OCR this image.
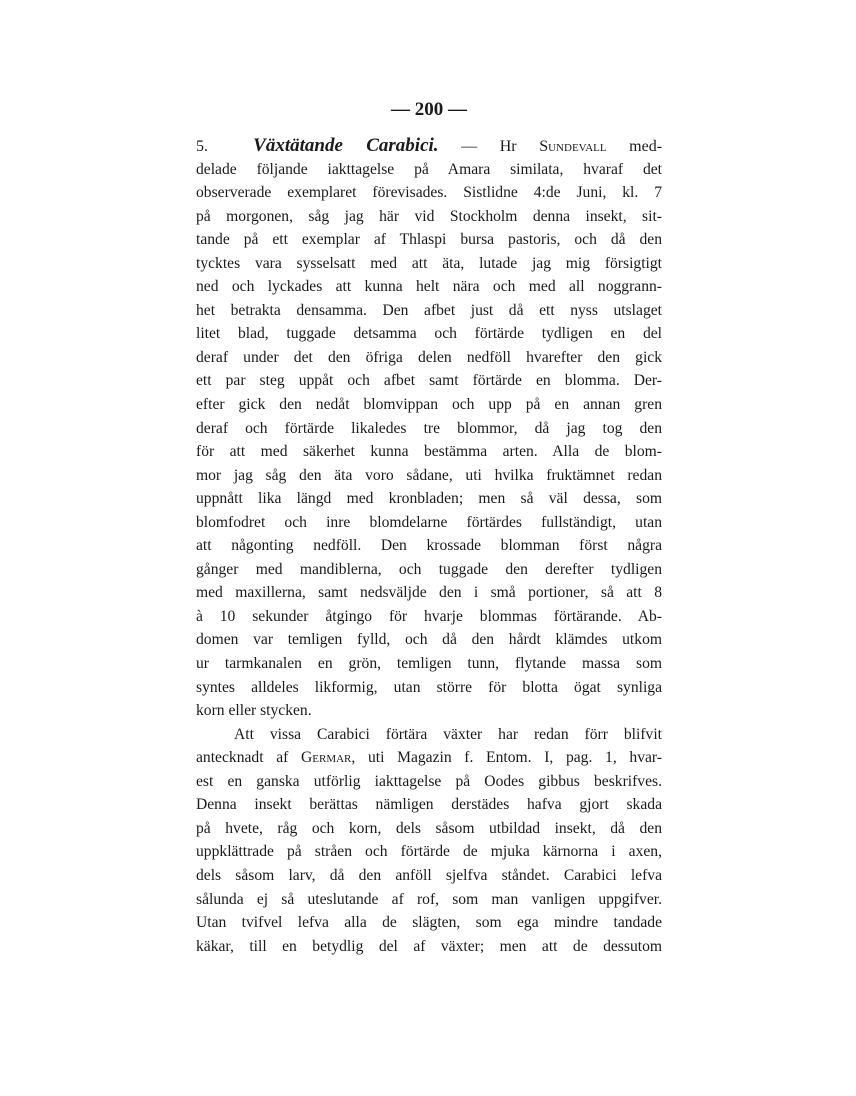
— 200 —
5. Växtätande Carabici. — Hr Sundevall med-
delade följande iakttagelse på Amara similata, hvaraf det
observerade exemplaret förevisades. Sistlidne 4:de Juni, kl. 7
på morgonen, såg jag här vid Stockholm denna insekt, sit-
tande på ett exemplar af Thlaspi bursa pastoris, och då den
tycktes vara sysselsatt med att äta, lutade jag mig försigtigt
ned och lyckades att kunna helt nära och med all noggrann-
het betrakta densamma. Den afbet just då ett nyss utslaget
litet blad, tuggade detsamma och förtärde tydligen en del
deraf under det den öfriga delen nedföll hvarefter den gick
ett par steg uppåt och afbet samt förtärde en blomma. Der-
efter gick den nedåt blomvippan och upp på en annan gren
deraf och förtärde likaledes tre blommor, då jag tog den
för att med säkerhet kunna bestämma arten. Alla de blom-
mor jag såg den äta voro sådane, uti hvilka fruktämnet redan
uppnått lika längd med kronbladen; men så väl dessa, som
blomfodret och inre blomdelarne förtärdes fullständigt, utan
att någonting nedföll. Den krossade blomman först några
gånger med mandiblerna, och tuggade den derefter tydligen
med maxillerna, samt nedsväljde den i små portioner, så att 8
à 10 sekunder åtgingo för hvarje blommas förtärande. Ab-
domen var temligen fylld, och då den hårdt klämdes utkom
ur tarmkanalen en grön, temligen tunn, flytande massa som
syntes alldeles likformig, utan större för blotta ögat synliga
korn eller stycken.
Att vissa Carabici förtära växter har redan förr blifvit
antecknadt af Germar, uti Magazin f. Entom. I, pag. 1, hvar-
est en ganska utförlig iakttagelse på Oodes gibbus beskrifves.
Denna insekt berättas nämligen derstädes hafva gjort skada
på hvete, råg och korn, dels såsom utbildad insekt, då den
uppklättrade på stråen och förtärde de mjuka kärnorna i axen,
dels såsom larv, då den anföll sjelfva ståndet. Carabici lefva
sålunda ej så uteslutande af rof, som man vanligen uppgifver.
Utan tvifvel lefva alla de slägten, som ega mindre tandade
käkar, till en betydlig del af växter; men att de dessutom
